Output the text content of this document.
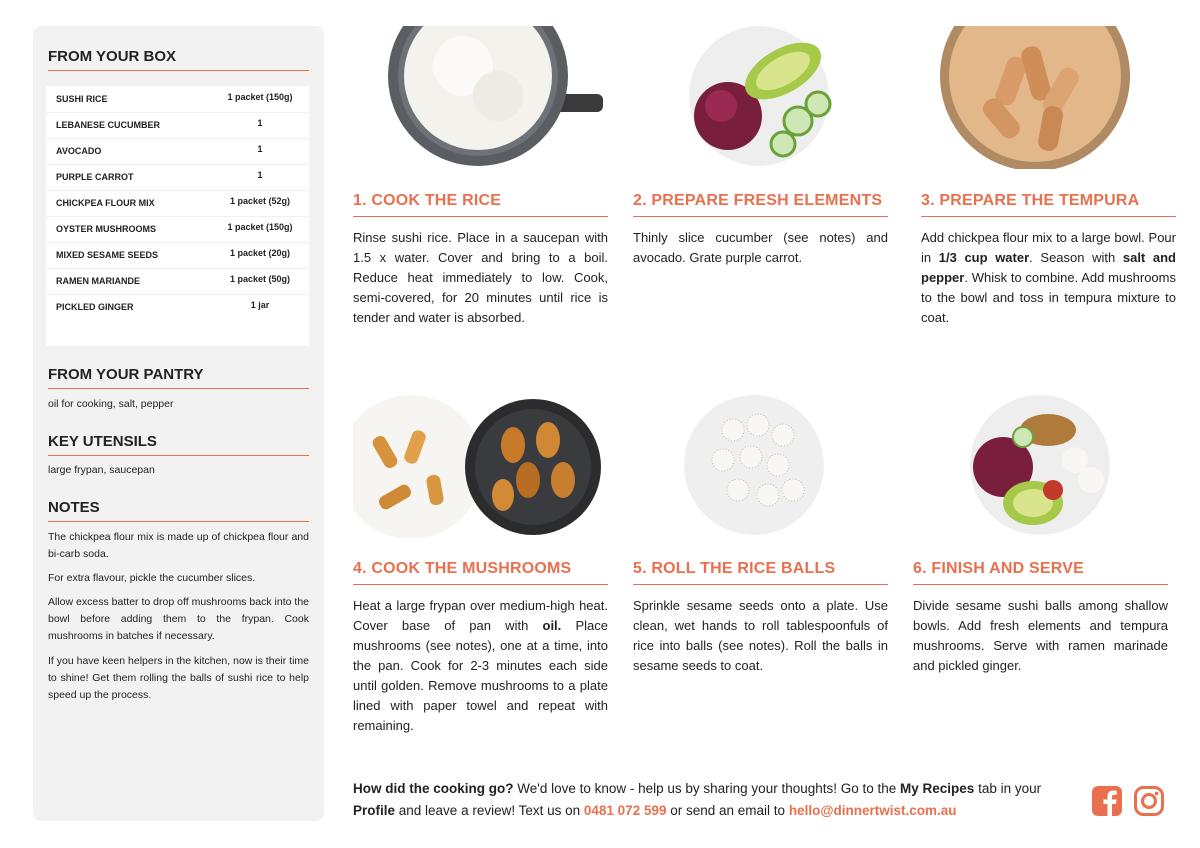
FROM YOUR BOX
SUSHI RICE	1 packet (150g)
LEBANESE CUCUMBER	1
AVOCADO	1
PURPLE CARROT	1
CHICKPEA FLOUR MIX	1 packet (52g)
OYSTER MUSHROOMS	1 packet (150g)
MIXED SESAME SEEDS	1 packet (20g)
RAMEN MARIANDE	1 packet (50g)
PICKLED GINGER	1 jar
FROM YOUR PANTRY
oil for cooking, salt, pepper
KEY UTENSILS
large frypan, saucepan
NOTES
The chickpea flour mix is made up of chickpea flour and bi-carb soda.
For extra flavour, pickle the cucumber slices.
Allow excess batter to drop off mushrooms back into the bowl before adding them to the frypan. Cook mushrooms in batches if necessary.
If you have keen helpers in the kitchen, now is their time to shine! Get them rolling the balls of sushi rice to help speed up the process.
1. COOK THE RICE	2. PREPARE FRESH ELEMENTS	3. PREPARE THE TEMPURA
4. COOK THE MUSHROOMS	5. ROLL THE RICE BALLS	6. FINISH AND SERVE
Rinse sushi rice. Place in a saucepan with 1.5 x water. Cover and bring to a boil. Reduce heat immediately to low. Cook, semi-covered, for 20 minutes until rice is tender and water is absorbed.
Thinly slice cucumber (see notes) and avocado. Grate purple carrot.
Add chickpea flour mix to a large bowl. Pour in 1/3 cup water. Season with salt and pepper. Whisk to combine. Add mushrooms to the bowl and toss in tempura mixture to coat.
Heat a large frypan over medium-high heat. Cover base of pan with oil. Place mushrooms (see notes), one at a time, into the pan. Cook for 2-3 minutes each side until golden. Remove mushrooms to a plate lined with paper towel and repeat with remaining.
Sprinkle sesame seeds onto a plate. Use clean, wet hands to roll tablespoonfuls of rice into balls (see notes). Roll the balls in sesame seeds to coat.
Divide sesame sushi balls among shallow bowls. Add fresh elements and tempura mushrooms. Serve with ramen marinade and pickled ginger.
How did the cooking go? We'd love to know - help us by sharing your thoughts! Go to the My Recipes tab in your Profile and leave a review! Text us on 0481 072 599 or send an email to hello@dinnertwist.com.au
